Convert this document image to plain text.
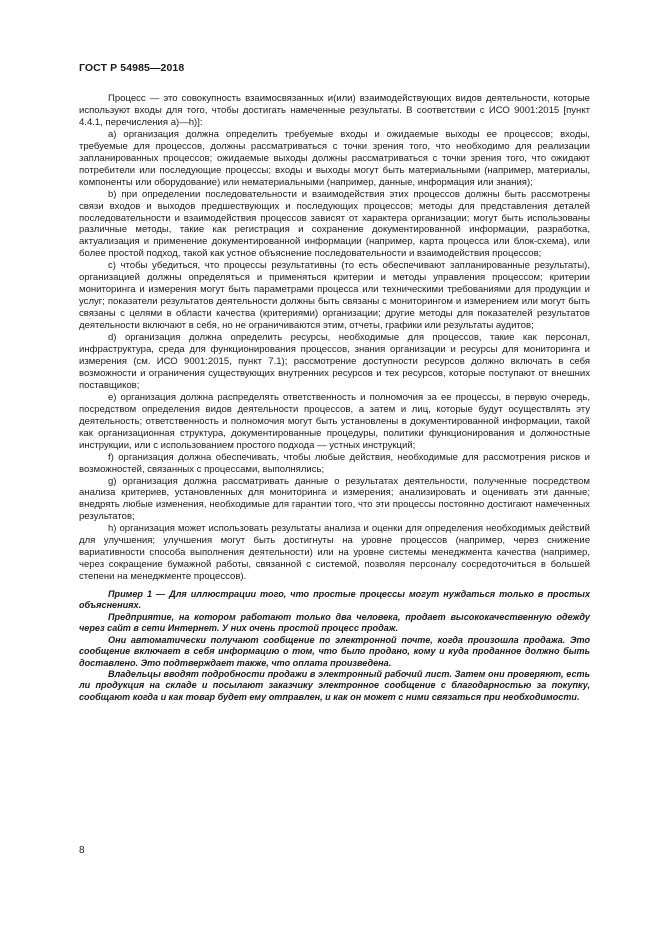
ГОСТ Р 54985—2018

Процесс — это совокупность взаимосвязанных и(или) взаимодействующих видов деятельности, которые используют входы для того, чтобы достигать намеченные результаты. В соответствии с ИСО 9001:2015 [пункт 4.4.1, перечисления a)—h)]:

a) организация должна определить требуемые входы и ожидаемые выходы ее процессов; входы, требуемые для процессов, должны рассматриваться с точки зрения того, что необходимо для реализации запланированных процессов; ожидаемые выходы должны рассматриваться с точки зрения того, что ожидают потребители или последующие процессы; входы и выходы могут быть материальными (например, материалы, компоненты или оборудование) или нематериальными (например, данные, информация или знания);

b) при определении последовательности и взаимодействия этих процессов должны быть рассмотрены связи входов и выходов предшествующих и последующих процессов; методы для представления деталей последовательности и взаимодействия процессов зависят от характера организации; могут быть использованы различные методы, такие как регистрация и сохранение документированной информации, разработка, актуализация и применение документированной информации (например, карта процесса или блок-схема), или более простой подход, такой как устное объяснение последовательности и взаимодействия процессов;

c) чтобы убедиться, что процессы результативны (то есть обеспечивают запланированные результаты), организацией должны определяться и применяться критерии и методы управления процессом; критерии мониторинга и измерения могут быть параметрами процесса или техническими требованиями для продукции и услуг; показатели результатов деятельности должны быть связаны с мониторингом и измерением или могут быть связаны с целями в области качества (критериями) организации; другие методы для показателей результатов деятельности включают в себя, но не ограничиваются этим, отчеты, графики или результаты аудитов;

d) организация должна определить ресурсы, необходимые для процессов, такие как персонал, инфраструктура, среда для функционирования процессов, знания организации и ресурсы для мониторинга и измерения (см. ИСО 9001:2015, пункт 7.1); рассмотрение доступности ресурсов должно включать в себя возможности и ограничения существующих внутренних ресурсов и тех ресурсов, которые поступают от внешних поставщиков;

e) организация должна распределять ответственность и полномочия за ее процессы, в первую очередь, посредством определения видов деятельности процессов, а затем и лиц, которые будут осуществлять эту деятельность; ответственность и полномочия могут быть установлены в документированной информации, такой как организационная структура, документированные процедуры, политики функционирования и должностные инструкции, или с использованием простого подхода — устных инструкций;

f) организация должна обеспечивать, чтобы любые действия, необходимые для рассмотрения рисков и возможностей, связанных с процессами, выполнялись;

g) организация должна рассматривать данные о результатах деятельности, полученные посредством анализа критериев, установленных для мониторинга и измерения; анализировать и оценивать эти данные; внедрять любые изменения, необходимые для гарантии того, что эти процессы постоянно достигают намеченных результатов;

h) организация может использовать результаты анализа и оценки для определения необходимых действий для улучшения; улучшения могут быть достигнуты на уровне процессов (например, через снижение вариативности способа выполнения деятельности) или на уровне системы менеджмента качества (например, через сокращение бумажной работы, связанной с системой, позволяя персоналу сосредоточиться в большей степени на менеджменте процессов).

Пример 1 — Для иллюстрации того, что простые процессы могут нуждаться только в простых объяснениях.

Предприятие, на котором работают только два человека, продает высококачественную одежду через сайт в сети Интернет. У них очень простой процесс продаж.

Они автоматически получают сообщение по электронной почте, когда произошла продажа. Это сообщение включает в себя информацию о том, что было продано, кому и куда проданное должно быть доставлено. Это подтверждает также, что оплата произведена.

Владельцы вводят подробности продажи в электронный рабочий лист. Затем они проверяют, есть ли продукция на складе и посылают заказчику электронное сообщение с благодарностью за покупку, сообщают когда и как товар будет ему отправлен, и как он может с ними связаться при необходимости.

8
